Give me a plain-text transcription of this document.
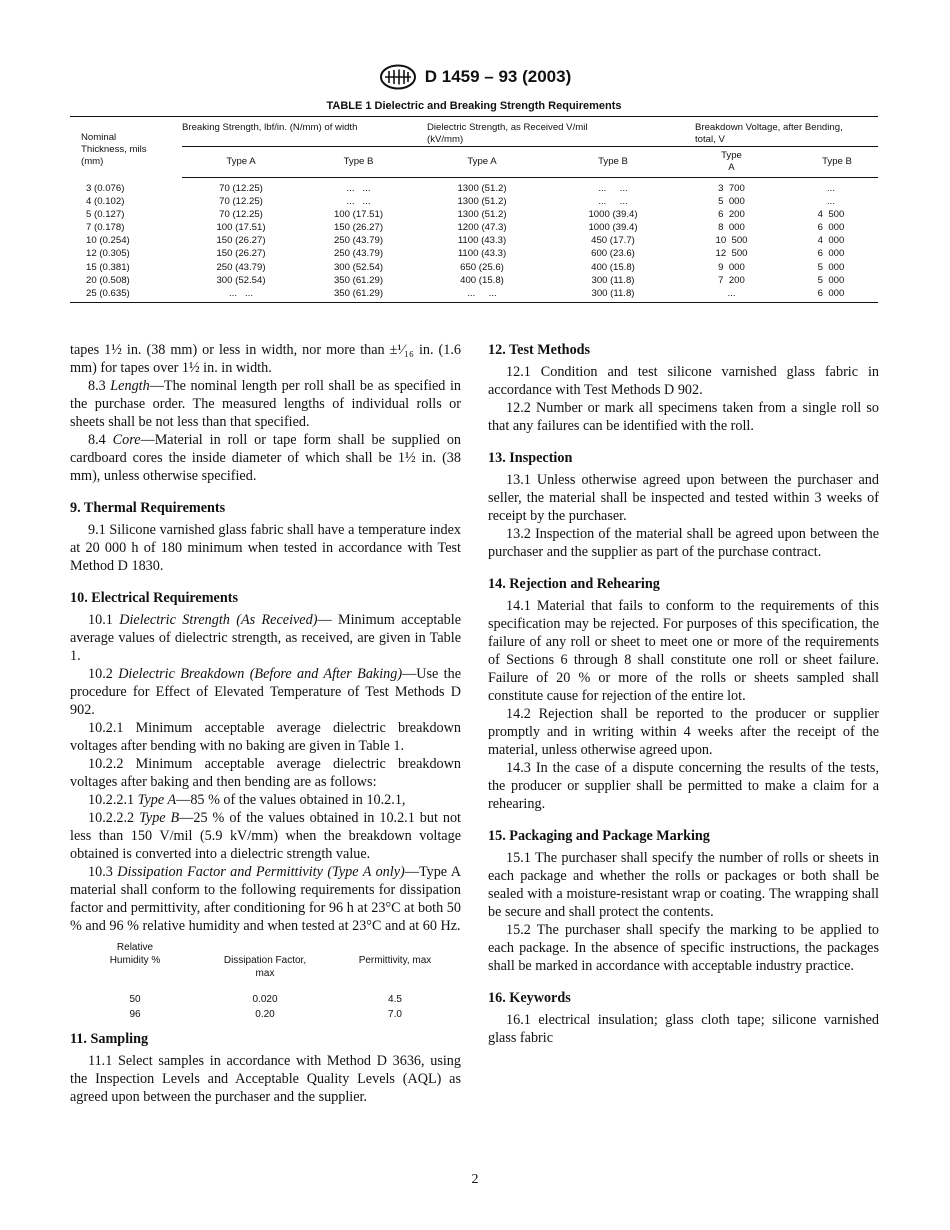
D 1459 – 93 (2003)
TABLE 1 Dielectric and Breaking Strength Requirements

Nominal Thickness, mils (mm)	Breaking Strength, lbf/in. (N/mm) of width		Dielectric Strength, as Received V/mil (kV/mm)		Breakdown Voltage, after Bending, total, V	
	Type A	Type B	Type A	Type B	Type A	Type B
3 (0.076)	70 (12.25)	...   ...	1300 (51.2)	...     ...	3  700	...
4 (0.102)	70 (12.25)	...   ...	1300 (51.2)	...     ...	5  000	...
5 (0.127)	70 (12.25)	100 (17.51)	1300 (51.2)	1000 (39.4)	6  200	4  500
7 (0.178)	100 (17.51)	150 (26.27)	1200 (47.3)	1000 (39.4)	8  000	6  000
10 (0.254)	150 (26.27)	250 (43.79)	1100 (43.3)	450 (17.7)	10  500	4  000
12 (0.305)	150 (26.27)	250 (43.79)	1100 (43.3)	600 (23.6)	12  500	6  000
15 (0.381)	250 (43.79)	300 (52.54)	650 (25.6)	400 (15.8)	9  000	5  000
20 (0.508)	300 (52.54)	350 (61.29)	400 (15.8)	300 (11.8)	7  200	5  000
25 (0.635)	...   ...	350 (61.29)	...     ...	300 (11.8)	...	6  000

tapes 1½ in. (38 mm) or less in width, nor more than ±¹⁄₁₆ in. (1.6 mm) for tapes over 1½ in. in width.

8.3 Length—The nominal length per roll shall be as specified in the purchase order. The measured lengths of individual rolls or sheets shall be not less than that specified.

8.4 Core—Material in roll or tape form shall be supplied on cardboard cores the inside diameter of which shall be 1½ in. (38 mm), unless otherwise specified.

9. Thermal Requirements

9.1 Silicone varnished glass fabric shall have a temperature index at 20 000 h of 180 minimum when tested in accordance with Test Method D 1830.

10. Electrical Requirements

10.1 Dielectric Strength (As Received)— Minimum acceptable average values of dielectric strength, as received, are given in Table 1.

10.2 Dielectric Breakdown (Before and After Baking)—Use the procedure for Effect of Elevated Temperature of Test Methods D 902.

10.2.1 Minimum acceptable average dielectric breakdown voltages after bending with no baking are given in Table 1.

10.2.2 Minimum acceptable average dielectric breakdown voltages after baking and then bending are as follows:

10.2.2.1 Type A—85 % of the values obtained in 10.2.1,

10.2.2.2 Type B—25 % of the values obtained in 10.2.1 but not less than 150 V/mil (5.9 kV/mm) when the breakdown voltage obtained is converted into a dielectric strength value.

10.3 Dissipation Factor and Permittivity (Type A only)—Type A material shall conform to the following requirements for dissipation factor and permittivity, after conditioning for 96 h at 23°C at both 50 % and 96 % relative humidity and when tested at 23°C and at 60 Hz.

Relative Humidity %	Dissipation Factor, max	Permittivity, max

50	0.020	4.5
96	0.20	7.0
11. Sampling

11.1 Select samples in accordance with Method D 3636, using the Inspection Levels and Acceptable Quality Levels (AQL) as agreed upon between the purchaser and the supplier.

12. Test Methods

12.1 Condition and test silicone varnished glass fabric in accordance with Test Methods D 902.

12.2 Number or mark all specimens taken from a single roll so that any failures can be identified with the roll.

13. Inspection

13.1 Unless otherwise agreed upon between the purchaser and seller, the material shall be inspected and tested within 3 weeks of receipt by the purchaser.

13.2 Inspection of the material shall be agreed upon between the purchaser and the supplier as part of the purchase contract.

14. Rejection and Rehearing

14.1 Material that fails to conform to the requirements of this specification may be rejected. For purposes of this specification, the failure of any roll or sheet to meet one or more of the requirements of Sections 6 through 8 shall constitute one roll or sheet failure. Failure of 20 % or more of the rolls or sheets sampled shall constitute cause for rejection of the entire lot.

14.2 Rejection shall be reported to the producer or supplier promptly and in writing within 4 weeks after the receipt of the material, unless otherwise agreed upon.

14.3 In the case of a dispute concerning the results of the tests, the producer or supplier shall be permitted to make a claim for a rehearing.

15. Packaging and Package Marking

15.1 The purchaser shall specify the number of rolls or sheets in each package and whether the rolls or packages or both shall be sealed with a moisture-resistant wrap or coating. The wrapping shall be secure and shall protect the contents.

15.2 The purchaser shall specify the marking to be applied to each package. In the absence of specific instructions, the packages shall be marked in accordance with acceptable industry practice.

16. Keywords

16.1 electrical insulation; glass cloth tape; silicone varnished glass fabric

2
